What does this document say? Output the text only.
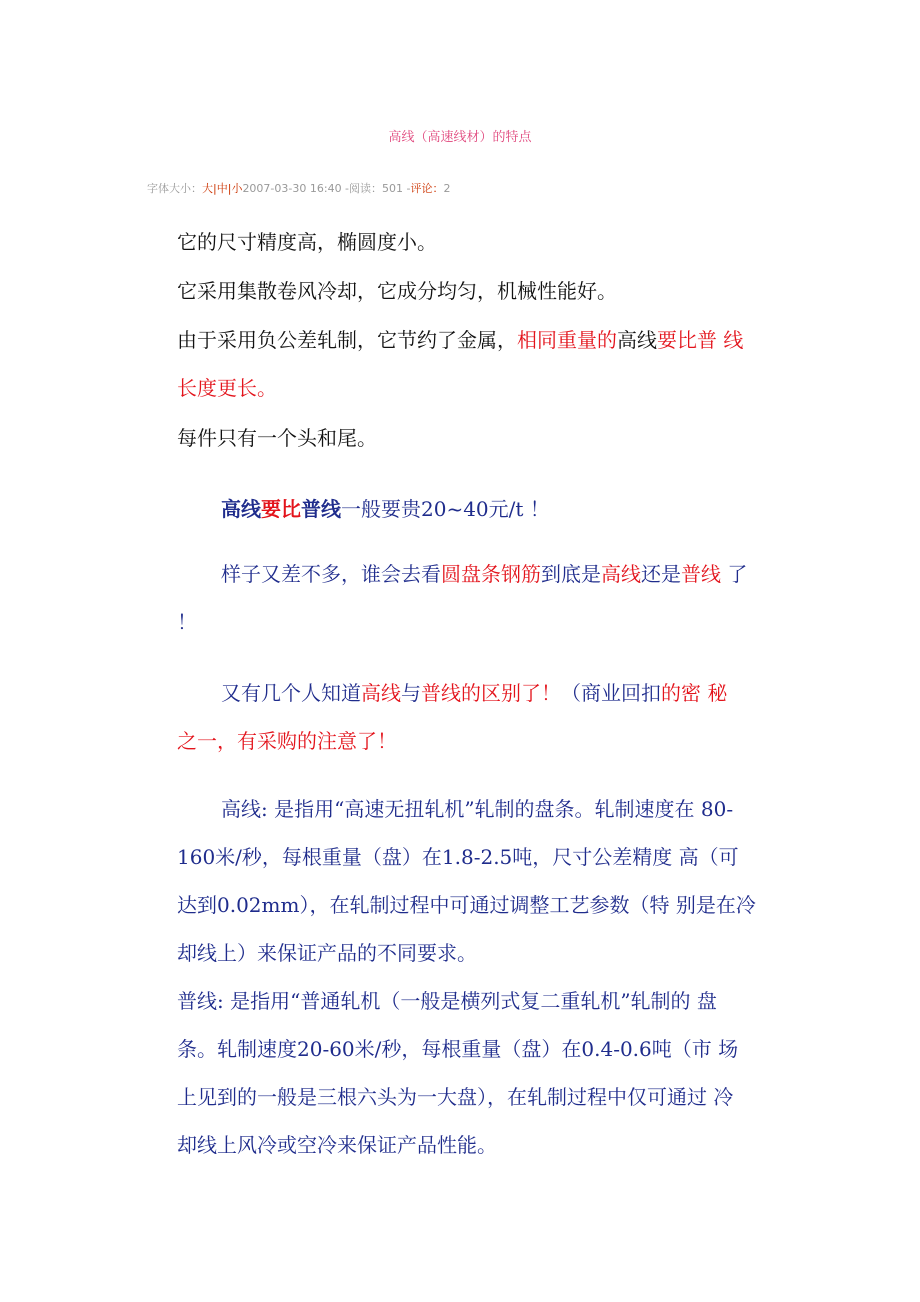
高线（高速线材）的特点
字体大小：大|中|小2007-03-30 16:40 -阅读：501 -评论：2
它的尺寸精度高，椭圆度小。
它采用集散卷风冷却，它成分均匀，机械性能好。
由于采用负公差轧制，它节约了金属，相同重量的高线要比普 线
长度更长。
每件只有一个头和尾。
高线要比普线一般要贵20~40元/t ！
样子又差不多，谁会去看圆盘条钢筋到底是高线还是普线 了
！
又有几个人知道高线与普线的区别了！（商业回扣的密 秘
之一，有采购的注意了！
高线: 是指用“高速无扭轧机”轧制的盘条。轧制速度在 80-
160米/秒，每根重量（盘）在1.8-2.5吨，尺寸公差精度 高（可
达到0.02mm），在轧制过程中可通过调整工艺参数（特 别是在冷
却线上）来保证产品的不同要求。
普线: 是指用“普通轧机（一般是横列式复二重轧机”轧制的 盘
条。轧制速度20-60米/秒，每根重量（盘）在0.4-0.6吨（市 场
上见到的一般是三根六头为一大盘），在轧制过程中仅可通过 冷
却线上风冷或空冷来保证产品性能。
